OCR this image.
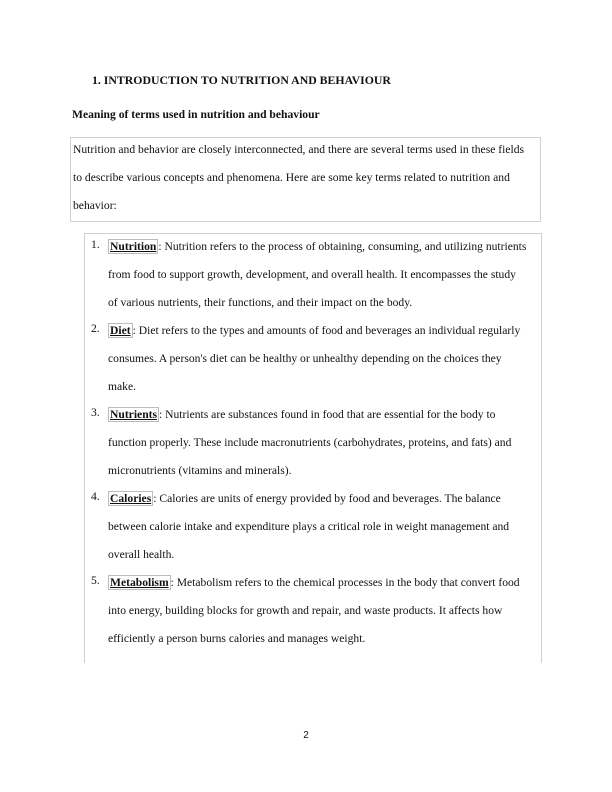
1. INTRODUCTION TO NUTRITION AND BEHAVIOUR
Meaning of terms used in nutrition and behaviour
Nutrition and behavior are closely interconnected, and there are several terms used in these fields
to describe various concepts and phenomena. Here are some key terms related to nutrition and
behavior:
1. Nutrition : Nutrition refers to the process of obtaining, consuming, and utilizing nutrients
from food to support growth, development, and overall health. It encompasses the study
of various nutrients, their functions, and their impact on the body.
2. Diet : Diet refers to the types and amounts of food and beverages an individual regularly
consumes. A person's diet can be healthy or unhealthy depending on the choices they
make.
3. Nutrients : Nutrients are substances found in food that are essential for the body to
function properly. These include macronutrients (carbohydrates, proteins, and fats) and
micronutrients (vitamins and minerals).
4. Calories : Calories are units of energy provided by food and beverages. The balance
between calorie intake and expenditure plays a critical role in weight management and
overall health.
5. Metabolism : Metabolism refers to the chemical processes in the body that convert food
into energy, building blocks for growth and repair, and waste products. It affects how
efficiently a person burns calories and manages weight.
2
